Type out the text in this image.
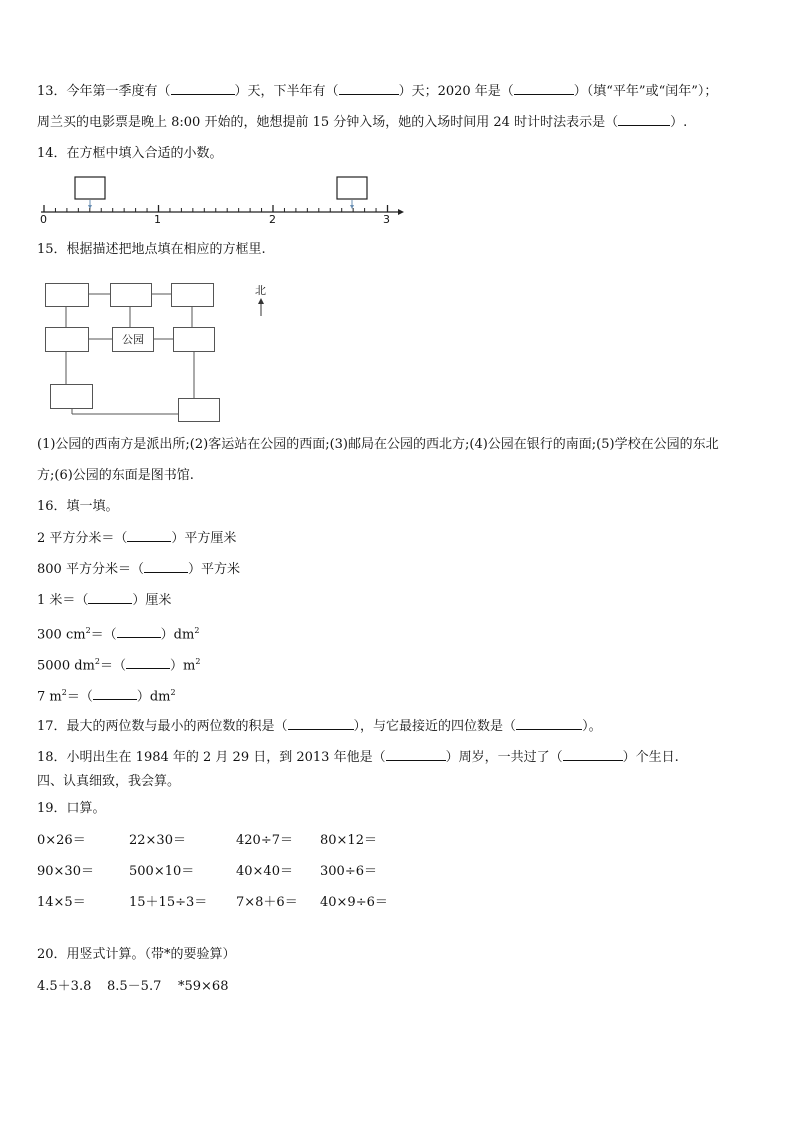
13．今年第一季度有（	）天，下半年有（	）天；2020 年是（	）（填“平年”或“闰年”）；
周兰买的电影票是晚上 8:00 开始的，她想提前 15 分钟入场，她的入场时间用 24 时计时法表示是（	）.
14．在方框中填入合适的小数。
0	1	2	3
15．根据描述把地点填在相应的方框里.
公园
北
(1)公园的西南方是派出所;(2)客运站在公园的西面;(3)邮局在公园的西北方;(4)公园在银行的南面;(5)学校在公园的东北
方;(6)公园的东面是图书馆.
16．填一填。
2 平方分米＝（	）平方厘米
800 平方分米＝（	）平方米
1 米＝（	）厘米
300 $cm^2=$（	）$dm^2$
5000 $dm^2=$（	）$m^2$
7 $m^2=$（	）$dm^2$
17．最大的两位数与最小的两位数的积是（	），与它最接近的四位数是（	）。
18．小明出生在 1984 年的 2 月 29 日，到 2013 年他是（	）周岁，一共过了（	）个生日.
四、认真细致，我会算。
19．口算。
0×26＝	22×30＝	420÷7＝ 80×12＝
90×30＝	500×10＝	40×40＝ 300÷6＝
14×5＝	15＋15÷3＝ 7×8＋6＝ 40×9÷6＝
20．用竖式计算。（带*的要验算）
4.5＋3.8 8.5－5.7 *59×68
